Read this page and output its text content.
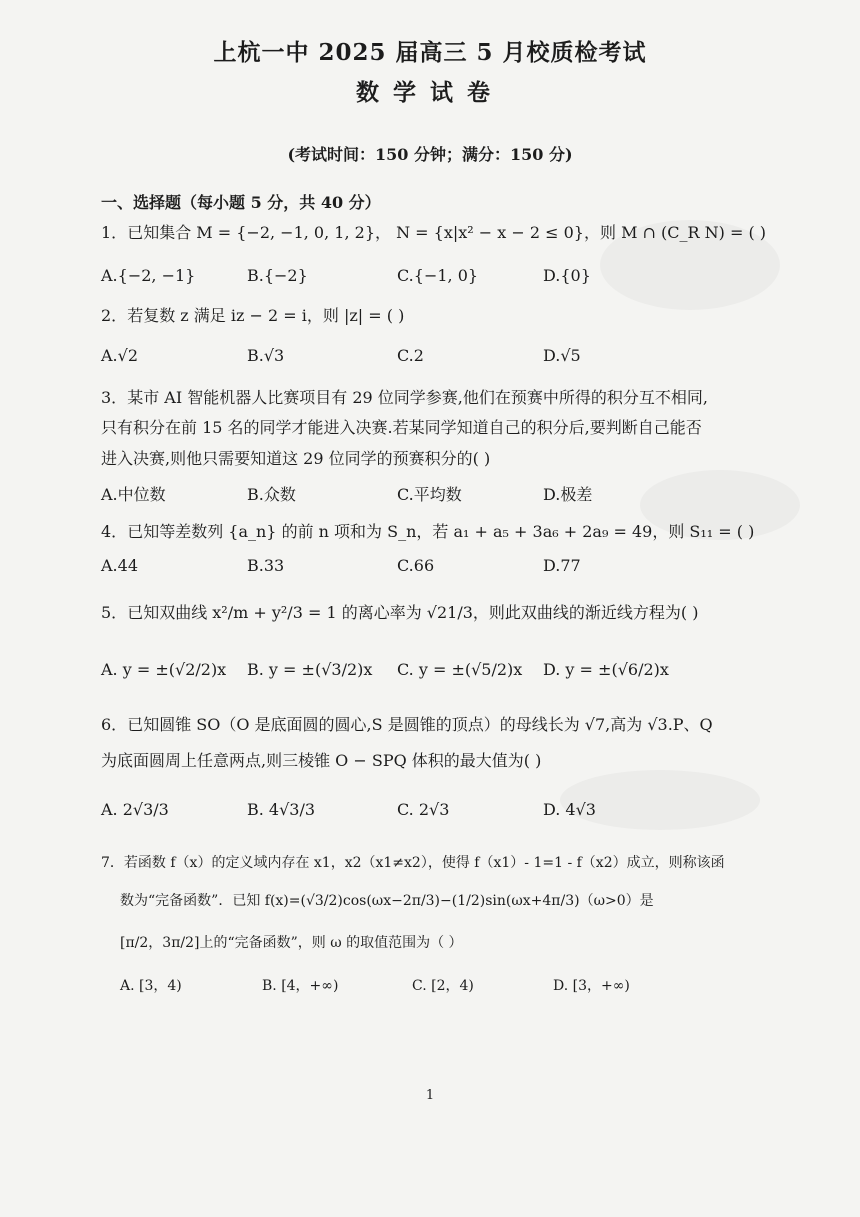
上杭一中 2025 届高三 5 月校质检考试
数学试卷
(考试时间：150 分钟；满分：150 分)
一、选择题（每小题 5 分，共 40 分）
1．已知集合 M = {−2, −1, 0, 1, 2}， N = {x|x² − x − 2 ≤ 0}，则 M ∩ (C_R N) = ( )
A.{−2, −1}	B.{−2}	C.{−1, 0}	D.{0}
2．若复数 z 满足 iz − 2 = i，则 |z| = ( )
A.√2	B.√3	C.2	D.√5
3．某市 AI 智能机器人比赛项目有 29 位同学参赛,他们在预赛中所得的积分互不相同,
只有积分在前 15 名的同学才能进入决赛.若某同学知道自己的积分后,要判断自己能否
进入决赛,则他只需要知道这 29 位同学的预赛积分的( )
A.中位数	B.众数	C.平均数	D.极差
4．已知等差数列 {a_n} 的前 n 项和为 S_n，若 a₁ + a₅ + 3a₆ + 2a₉ = 49，则 S₁₁ = ( )
A.44	B.33	C.66	D.77
5．已知双曲线 x²/m + y²/3 = 1 的离心率为 √21/3，则此双曲线的渐近线方程为( )
A. y = ±(√2/2)x B. y = ±(√3/2)x C. y = ±(√5/2)x D. y = ±(√6/2)x
6．已知圆锥 SO（O 是底面圆的圆心,S 是圆锥的顶点）的母线长为 √7,高为 √3.P、Q
为底面圆周上任意两点,则三棱锥 O − SPQ 体积的最大值为( )
A. 2√3/3	B. 4√3/3	C. 2√3	D. 4√3
7．若函数 f（x）的定义域内存在 x1，x2（x1≠x2），使得 f（x1）- 1=1 - f（x2）成立，则称该函
数为“完备函数”．已知 f(x)=(√3/2)cos(ωx−2π/3)−(1/2)sin(ωx+4π/3)（ω>0）是
[π/2，3π/2]上的“完备函数”，则 ω 的取值范围为（ ）
A. [3，4)	B. [4，+∞)	C. [2，4)	D. [3，+∞)
1
